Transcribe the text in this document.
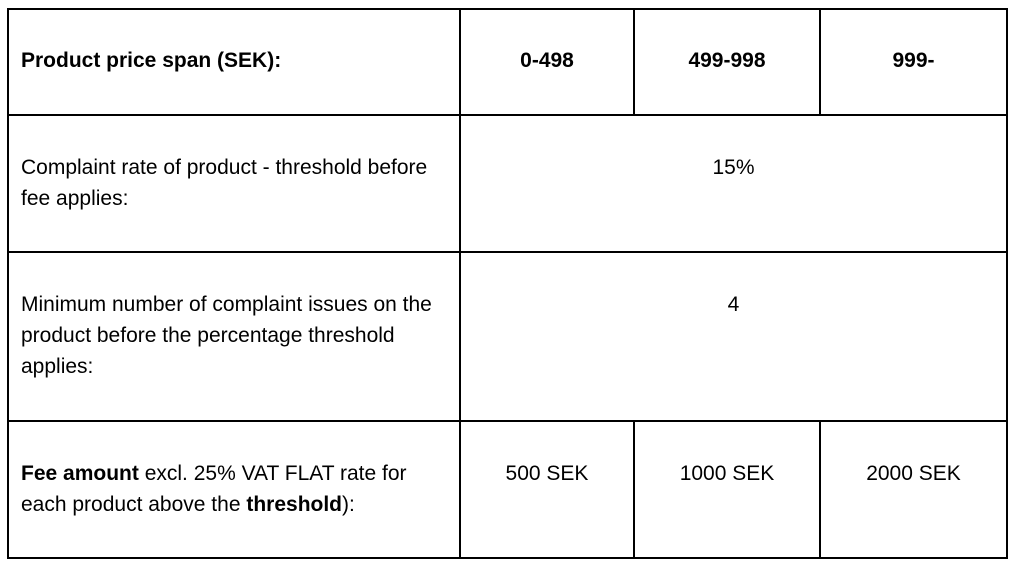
Product price span (SEK):	0-498	499-998	999-

Complaint rate of product - threshold before fee applies:	15%		

Minimum number of complaint issues on the product before the percentage threshold applies:	4		

Fee amount excl. 25% VAT FLAT rate for each product above the threshold):	500 SEK	1000 SEK	2000 SEK
